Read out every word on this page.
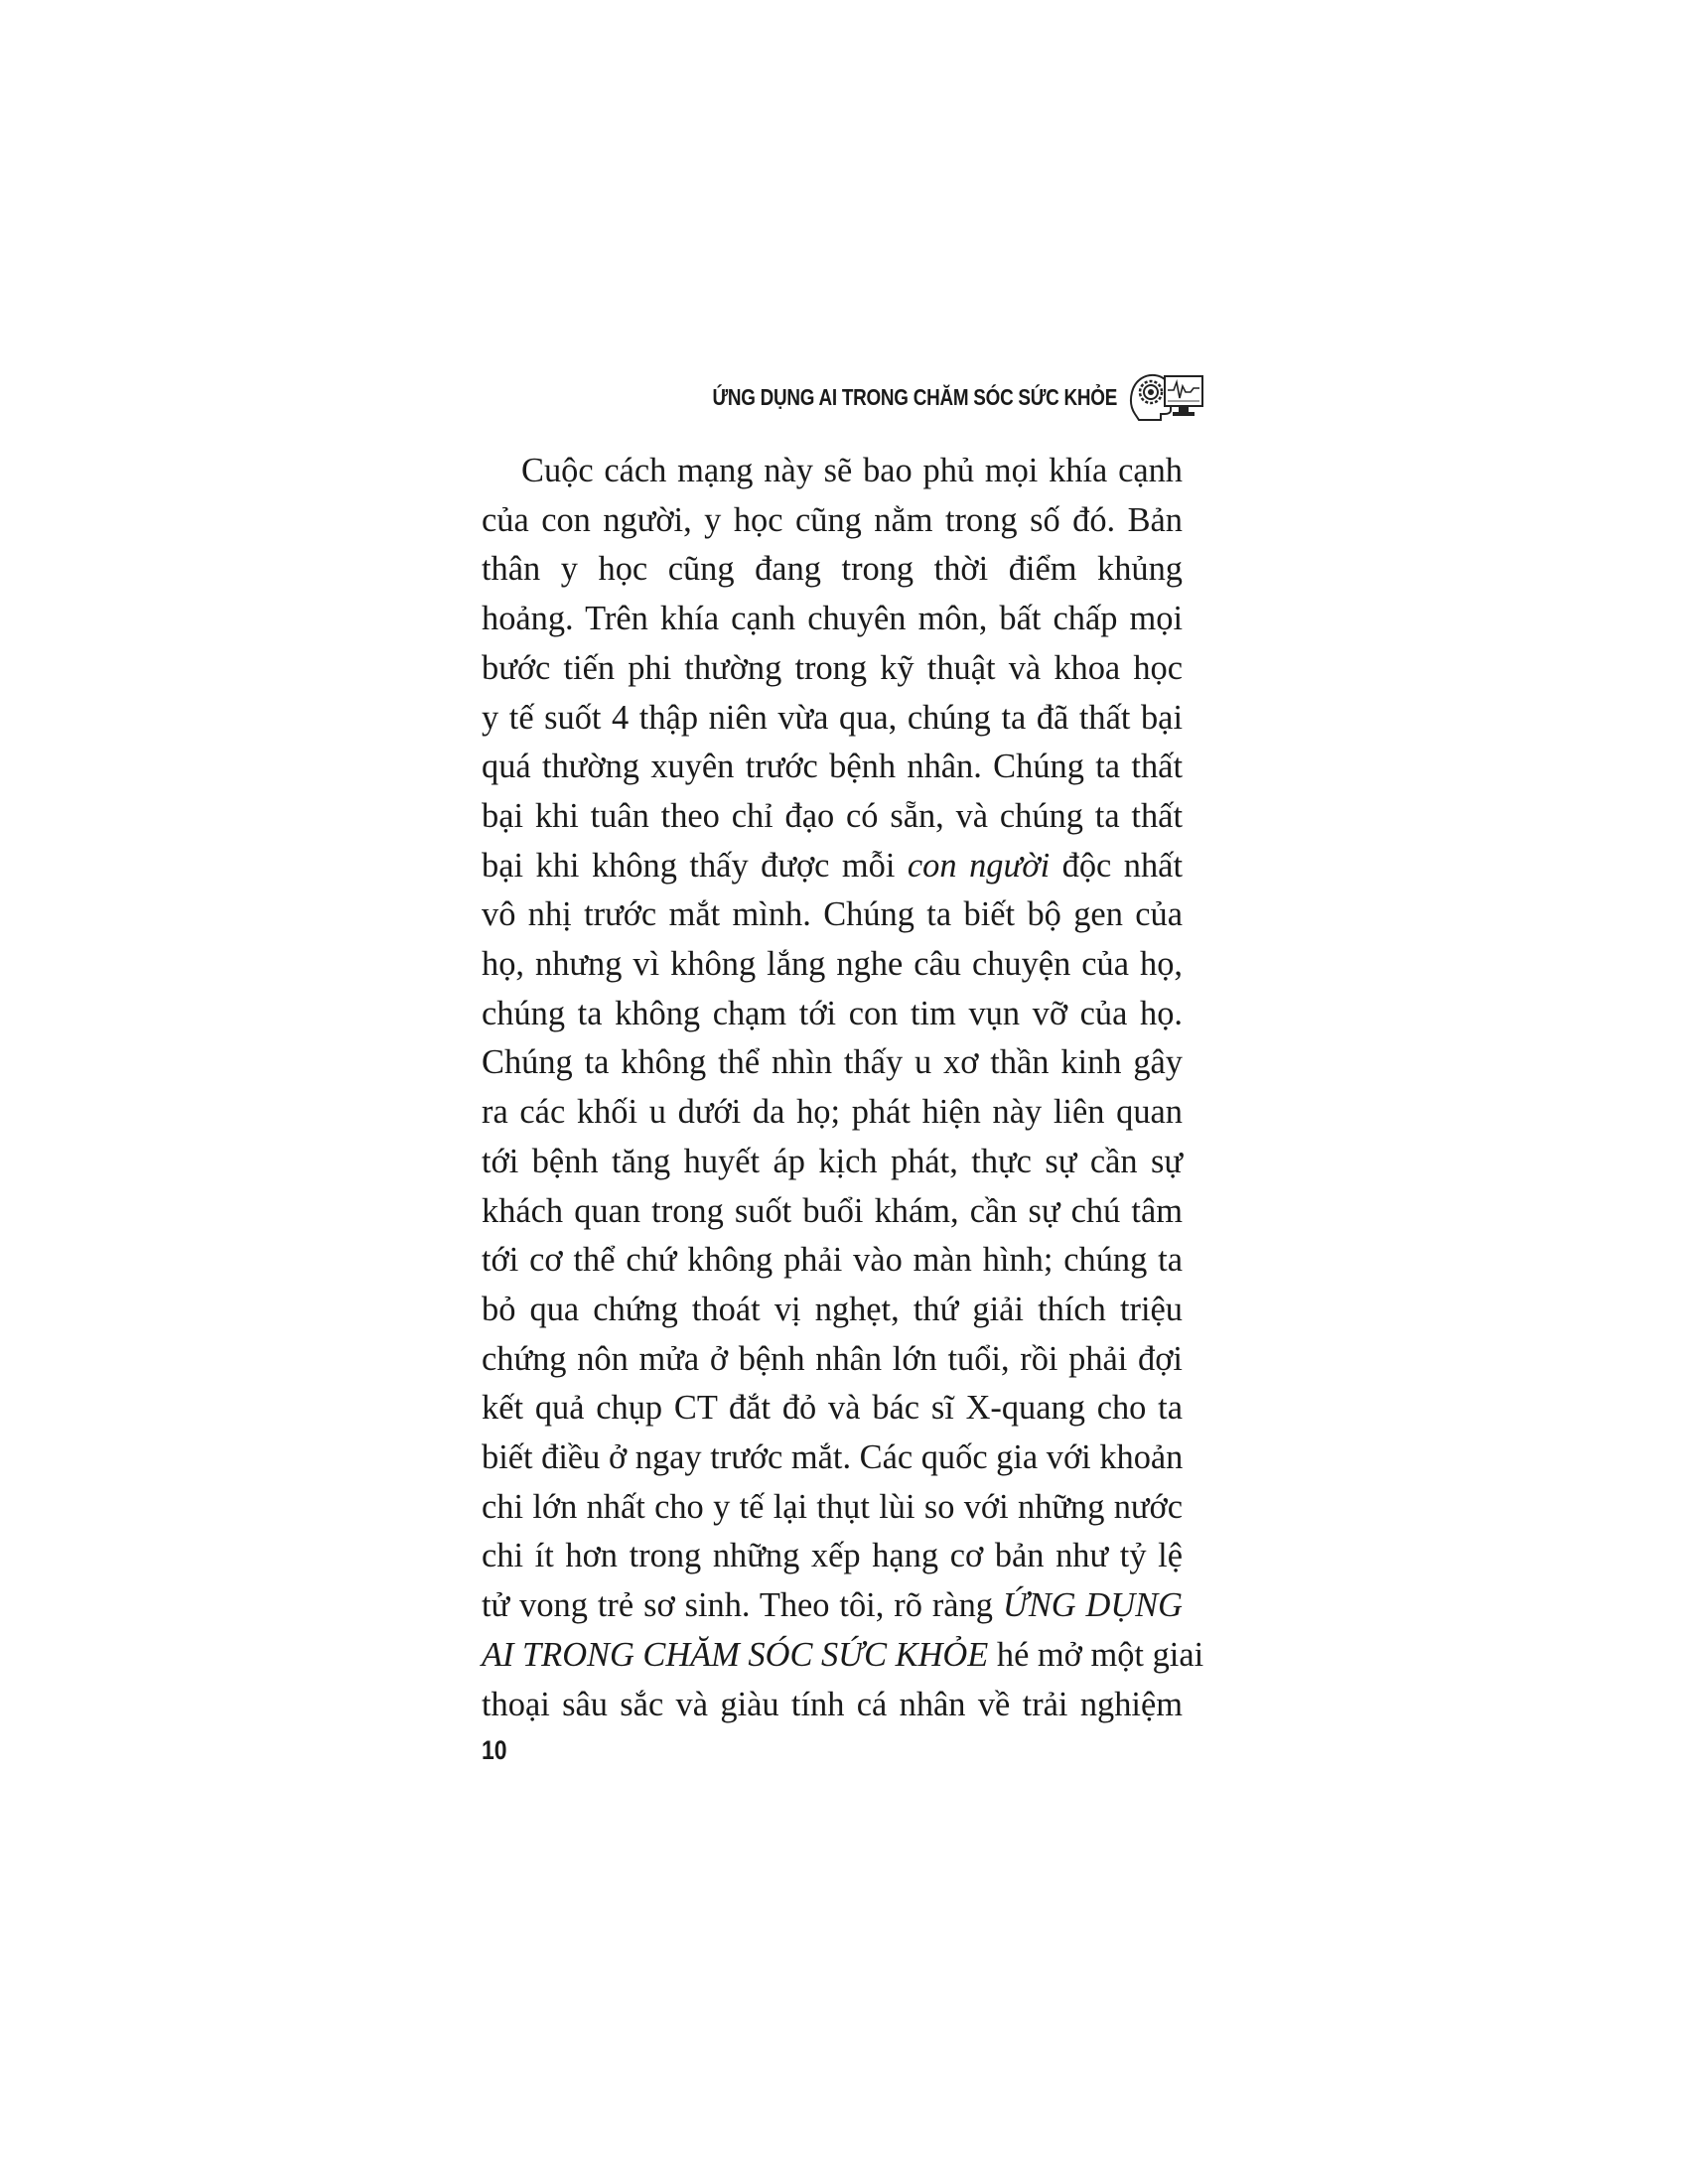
ỨNG DỤNG AI TRONG CHĂM SÓC SỨC KHỎE
Cuộc cách mạng này sẽ bao phủ mọi khía cạnh
của con người, y học cũng nằm trong số đó. Bản
thân y học cũng đang trong thời điểm khủng
hoảng. Trên khía cạnh chuyên môn, bất chấp mọi
bước tiến phi thường trong kỹ thuật và khoa học
y tế suốt 4 thập niên vừa qua, chúng ta đã thất bại
quá thường xuyên trước bệnh nhân. Chúng ta thất
bại khi tuân theo chỉ đạo có sẵn, và chúng ta thất
bại khi không thấy được mỗi con người độc nhất
vô nhị trước mắt mình. Chúng ta biết bộ gen của
họ, nhưng vì không lắng nghe câu chuyện của họ,
chúng ta không chạm tới con tim vụn vỡ của họ.
Chúng ta không thể nhìn thấy u xơ thần kinh gây
ra các khối u dưới da họ; phát hiện này liên quan
tới bệnh tăng huyết áp kịch phát, thực sự cần sự
khách quan trong suốt buổi khám, cần sự chú tâm
tới cơ thể chứ không phải vào màn hình; chúng ta
bỏ qua chứng thoát vị nghẹt, thứ giải thích triệu
chứng nôn mửa ở bệnh nhân lớn tuổi, rồi phải đợi
kết quả chụp CT đắt đỏ và bác sĩ X-quang cho ta
biết điều ở ngay trước mắt. Các quốc gia với khoản
chi lớn nhất cho y tế lại thụt lùi so với những nước
chi ít hơn trong những xếp hạng cơ bản như tỷ lệ
tử vong trẻ sơ sinh. Theo tôi, rõ ràng ỨNG DỤNG
AI TRONG CHĂM SÓC SỨC KHỎE hé mở một giai
thoại sâu sắc và giàu tính cá nhân về trải nghiệm
10
